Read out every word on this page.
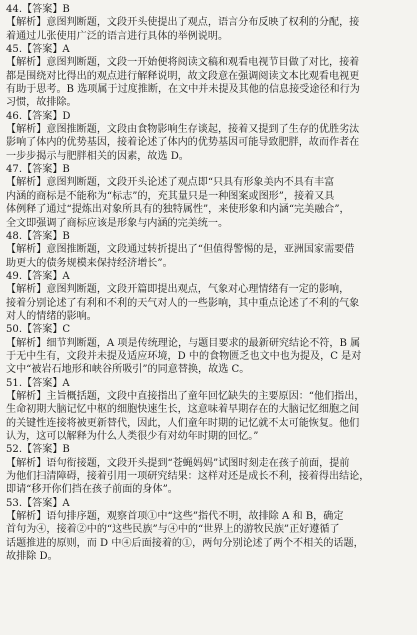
44.【答案】B
【解析】意图判断题，文段开头使提出了观点，语言分布反映了权利的分配，接
着通过儿张使用广泛的语言进行具体的举例说明。
45.【答案】A
【解析】意图判断题，文段一开始便将阅读文稿和观看电视节目做了对比，接着
都是围绕对比得出的观点进行解释说明，故文段意在强调阅读文本比观看电视更
有助于思考。B 选项属于过度推断，在文中并未提及其他的信息接受途径和行为
习惯，故排除。
46.【答案】D
【解析】意图推断题，文段由食物影响生存谈起，接着又提到了生存的优胜劣汰
影响了体内的优势基因，接着论述了体内的优势基因可能导致肥胖，故而作者在
一步步揭示与肥胖相关的因素，故选 D。
47.【答案】B
【解析】意图判断题，文段开头论述了观点即“只具有形象美内不具有丰富
内涵的商标是不能称为“标志”的，充其量只是一种图案或图形”，接着又具
体例释了通过“提炼出对象所具有的独特属性”，来使形象和内涵“完美融合”，
全文即强调了商标应该是形象与内涵的完美统一。
48.【答案】B
【解析】意图推断题，文段通过转折提出了“但值得警惕的是，亚洲国家需要借
助更大的债务规模来保持经济增长”。
49.【答案】A
【解析】意图判断题，文段开篇即提出观点，气象对心理情绪有一定的影响，
接着分别论述了有利和不利的天气对人的一些影响，其中重点论述了不利的气象
对人的情绪的影响。
50.【答案】C
【解析】细节判断题，A 项是传统理论，与题目要求的最新研究结论不符，B 属
于无中生有，文段并未提及适应环境，D 中的食物匮乏也文中也为提及，C 是对
文中“被岩石地形和峡谷所吸引”的同意替换，故选 C。
51.【答案】A
【解析】主旨概括题，文段中直接指出了童年回忆缺失的主要原因：“他们指出，
生命初期大脑记忆中枢的细胞快速生长，这意味着早期存在的大脑记忆细胞之间
的关键性连接将被更新替代，因此，人们童年时期的记忆就不太可能恢复。他们
认为，这可以解释为什么人类很少有对幼年时期的回忆。”
52.【答案】B
【解析】语句衔接题，文段开头提到“苍蝇妈妈”试图时刻走在孩子前面，提前
为他们扫清障碍，接着引用一项研究结果：这样对还是成长不利，接着得出结论，
即请“移开你们挡在孩子前面的身体”。
53.【答案】A
【解析】语句排序题，观察首项①中“这些”指代不明，故排除 A 和 B，确定
首句为④，接着②中的“这些民族”与④中的“世界上的游牧民族”正好遵循了
话题推进的原则，而 D 中④后面接着的①，两句分别论述了两个不相关的话题，
故排除 D。
